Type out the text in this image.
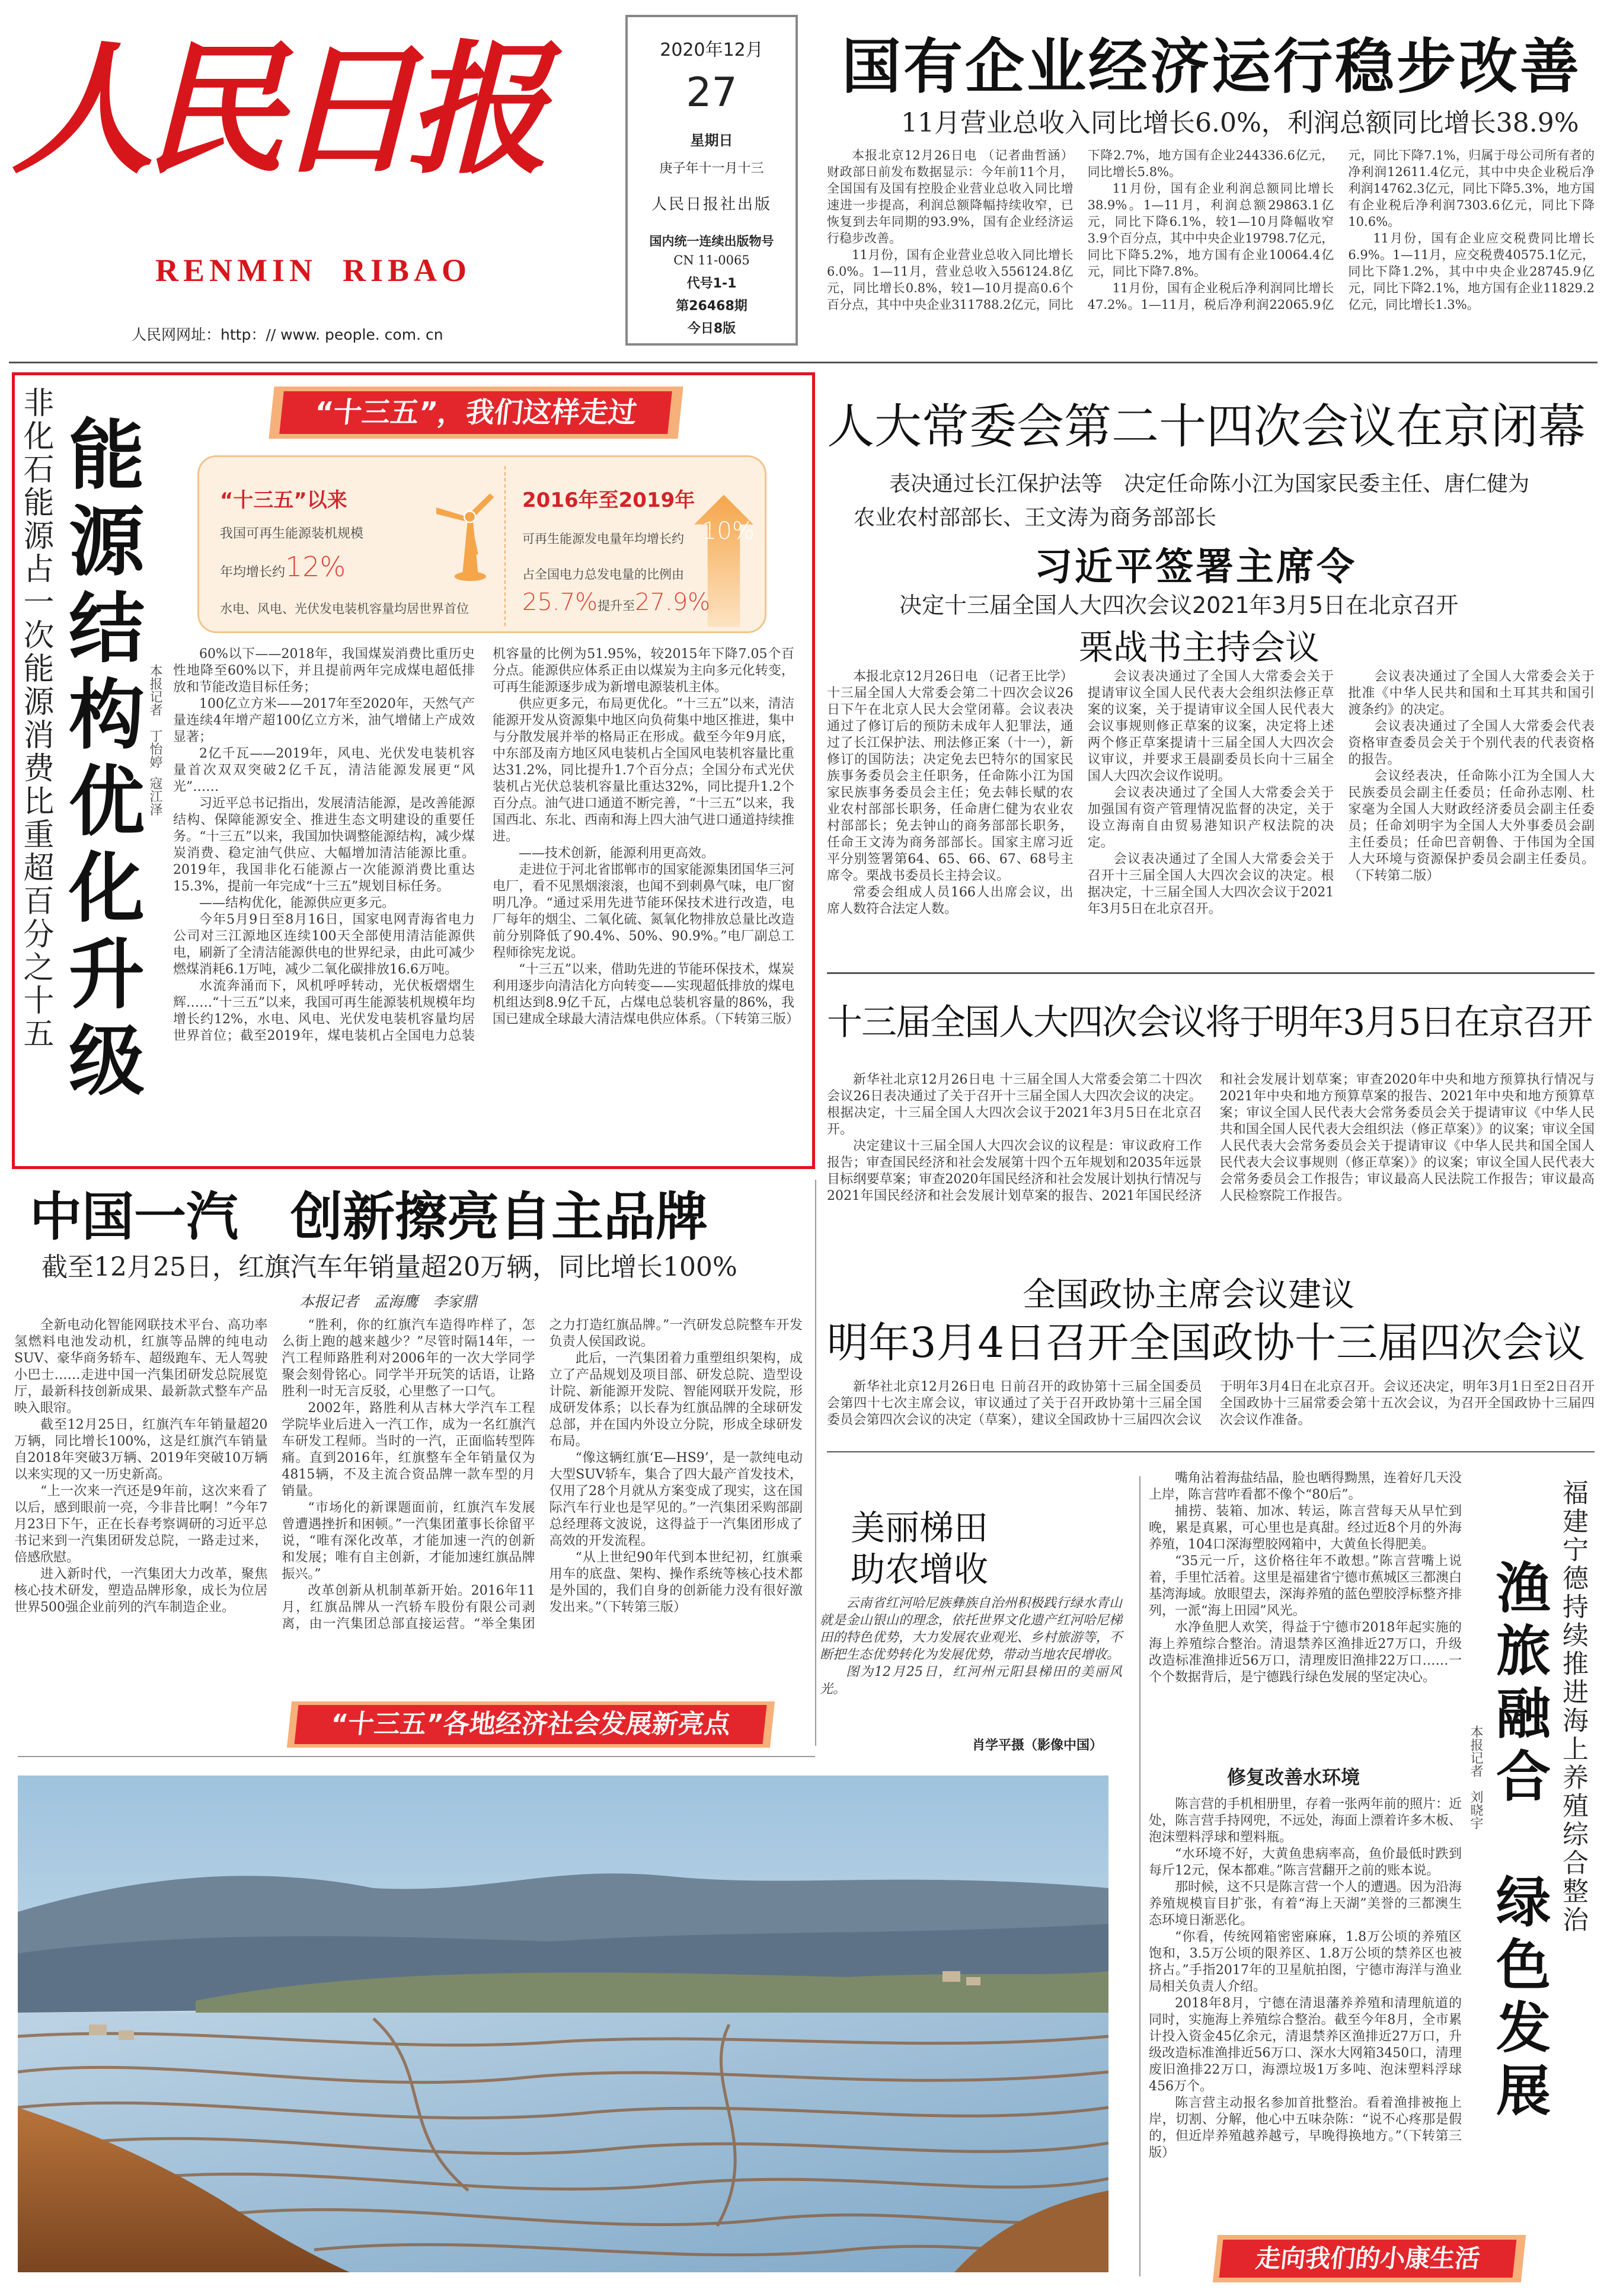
人民日报
RENMIN  RIBAO
人民网网址：http：// www. people. com. cn
2020年12月
27
星期日
庚子年十一月十三
人民日报社出版
国内统一连续出版物号
CN 11-0065
代号1-1
第26468期
今日8版
国有企业经济运行稳步改善
11月营业总收入同比增长6.0%，利润总额同比增长38.9%

本报北京12月26日电 （记者曲哲涵）财政部日前发布数据显示：今年前11个月，全国国有及国有控股企业营业总收入同比增速进一步提高，利润总额降幅持续收窄，已恢复到去年同期的93.9%，国有企业经济运行稳步改善。

11月份，国有企业营业总收入同比增长6.0%。1—11月，营业总收入556124.8亿元，同比增长0.8%，较1—10月提高0.6个百分点，其中中央企业311788.2亿元，同比下降2.7%，地方国有企业244336.6亿元，同比增长5.8%。

11月份，国有企业利润总额同比增长38.9%。1—11月，利润总额29863.1亿元，同比下降6.1%，较1—10月降幅收窄3.9个百分点，其中中央企业19798.7亿元，同比下降5.2%，地方国有企业10064.4亿元，同比下降7.8%。

11月份，国有企业税后净利润同比增长47.2%。1—11月，税后净利润22065.9亿元，同比下降7.1%，归属于母公司所有者的净利润12611.4亿元，其中中央企业税后净利润14762.3亿元，同比下降5.3%，地方国有企业税后净利润7303.6亿元，同比下降10.6%。

11月份，国有企业应交税费同比增长6.9%。1—11月，应交税费40575.1亿元，同比下降1.2%，其中中央企业28745.9亿元，同比下降2.1%，地方国有企业11829.2亿元，同比增长1.3%。

非化石能源占一次能源消费比重超百分之十五 能源结构优化升级 本报记者
丁怡婷  寇江泽
“十三五”，我们这样走过
“十三五”以来
我国可再生能源装机规模
年均增长约12%
水电、风电、光伏发电装机容量均居世界首位
2016年至2019年
可再生能源发电量年均增长约 10%
占全国电力总发电量的比例由
25.7%提升至27.9%

60%以下——2018年，我国煤炭消费比重历史性地降至60%以下，并且提前两年完成煤电超低排放和节能改造目标任务；

100亿立方米——2017年至2020年，天然气产量连续4年增产超100亿立方米，油气增储上产成效显著；

2亿千瓦——2019年，风电、光伏发电装机容量首次双双突破2亿千瓦，清洁能源发展更“风光”……

习近平总书记指出，发展清洁能源，是改善能源结构、保障能源安全、推进生态文明建设的重要任务。“十三五”以来，我国加快调整能源结构，减少煤炭消费、稳定油气供应、大幅增加清洁能源比重。2019年，我国非化石能源占一次能源消费比重达15.3%，提前一年完成“十三五”规划目标任务。

——结构优化，能源供应更多元。

今年5月9日至8月16日，国家电网青海省电力公司对三江源地区连续100天全部使用清洁能源供电，刷新了全清洁能源供电的世界纪录，由此可减少燃煤消耗6.1万吨，减少二氧化碳排放16.6万吨。

水流奔涌而下，风机呼呼转动，光伏板熠熠生辉……“十三五”以来，我国可再生能源装机规模年均增长约12%，水电、风电、光伏发电装机容量均居世界首位；截至2019年，煤电装机占全国电力总装机容量的比例为51.95%，较2015年下降7.05个百分点。能源供应体系正由以煤炭为主向多元化转变，可再生能源逐步成为新增电源装机主体。

供应更多元，布局更优化。“十三五”以来，清洁能源开发从资源集中地区向负荷集中地区推进，集中与分散发展并举的格局正在形成。截至今年9月底，中东部及南方地区风电装机占全国风电装机容量比重达31.2%，同比提升1.7个百分点；全国分布式光伏装机占光伏总装机容量比重达32%，同比提升1.2个百分点。油气进口通道不断完善，“十三五”以来，我国西北、东北、西南和海上四大油气进口通道持续推进。

——技术创新，能源利用更高效。

走进位于河北省邯郸市的国家能源集团国华三河电厂，看不见黑烟滚滚，也闻不到刺鼻气味，电厂窗明几净。“通过采用先进节能环保技术进行改造，电厂每年的烟尘、二氧化硫、氮氧化物排放总量比改造前分别降低了90.4%、50%、90.9%。”电厂副总工程师徐宪龙说。

“十三五”以来，借助先进的节能环保技术，煤炭利用逐步向清洁化方向转变——实现超低排放的煤电机组达到8.9亿千瓦，占煤电总装机容量的86%，我国已建成全球最大清洁煤电供应体系。（下转第三版）

人大常委会第二十四次会议在京闭幕
表决通过长江保护法等　决定任命陈小江为国家民委主任、唐仁健为
农业农村部部长、王文涛为商务部部长
习近平签署主席令
决定十三届全国人大四次会议2021年3月5日在北京召开
栗战书主持会议

本报北京12月26日电 （记者王比学）十三届全国人大常委会第二十四次会议26日下午在北京人民大会堂闭幕。会议表决通过了修订后的预防未成年人犯罪法，通过了长江保护法、刑法修正案（十一），新修订的国防法；决定免去巴特尔的国家民族事务委员会主任职务，任命陈小江为国家民族事务委员会主任；免去韩长赋的农业农村部部长职务，任命唐仁健为农业农村部部长；免去钟山的商务部部长职务，任命王文涛为商务部部长。国家主席习近平分别签署第64、65、66、67、68号主席令。栗战书委员长主持会议。

常委会组成人员166人出席会议，出席人数符合法定人数。

会议表决通过了全国人大常委会关于提请审议全国人民代表大会组织法修正草案的议案，关于提请审议全国人民代表大会议事规则修正草案的议案，决定将上述两个修正草案提请十三届全国人大四次会议审议，并要求王晨副委员长向十三届全国人大四次会议作说明。

会议表决通过了全国人大常委会关于加强国有资产管理情况监督的决定，关于设立海南自由贸易港知识产权法院的决定。

会议表决通过了全国人大常委会关于召开十三届全国人大四次会议的决定。根据决定，十三届全国人大四次会议于2021年3月5日在北京召开。

会议表决通过了全国人大常委会关于批准《中华人民共和国和土耳其共和国引渡条约》的决定。

会议表决通过了全国人大常委会代表资格审查委员会关于个别代表的代表资格的报告。

会议经表决，任命陈小江为全国人大民族委员会副主任委员；任命孙志刚、杜家毫为全国人大财政经济委员会副主任委员；任命刘明宇为全国人大外事委员会副主任委员；任命巴音朝鲁、于伟国为全国人大环境与资源保护委员会副主任委员。（下转第二版）

十三届全国人大四次会议将于明年3月5日在京召开

新华社北京12月26日电 十三届全国人大常委会第二十四次会议26日表决通过了关于召开十三届全国人大四次会议的决定。根据决定，十三届全国人大四次会议于2021年3月5日在北京召开。

决定建议十三届全国人大四次会议的议程是：审议政府工作报告；审查国民经济和社会发展第十四个五年规划和2035年远景目标纲要草案；审查2020年国民经济和社会发展计划执行情况与2021年国民经济和社会发展计划草案的报告、2021年国民经济和社会发展计划草案；审查2020年中央和地方预算执行情况与2021年中央和地方预算草案的报告、2021年中央和地方预算草案；审议全国人民代表大会常务委员会关于提请审议《中华人民共和国全国人民代表大会组织法（修正草案）》的议案；审议全国人民代表大会常务委员会关于提请审议《中华人民共和国全国人民代表大会议事规则（修正草案）》的议案；审议全国人民代表大会常务委员会工作报告；审议最高人民法院工作报告；审议最高人民检察院工作报告。

中国一汽　创新擦亮自主品牌
截至12月25日，红旗汽车年销量超20万辆，同比增长100%
本报记者　孟海鹰　李家鼎

全新电动化智能网联技术平台、高功率氢燃料电池发动机，红旗等品牌的纯电动SUV、豪华商务轿车、超级跑车、无人驾驶小巴士……走进中国一汽集团研发总院展览厅，最新科技创新成果、最新款式整车产品映入眼帘。

截至12月25日，红旗汽车年销量超20万辆，同比增长100%，这是红旗汽车销量自2018年突破3万辆、2019年突破10万辆以来实现的又一历史新高。

“上一次来一汽还是9年前，这次来看了以后，感到眼前一亮，今非昔比啊！”今年7月23日下午，正在长春考察调研的习近平总书记来到一汽集团研发总院，一路走过来，倍感欣慰。

进入新时代，一汽集团大力改革，聚焦核心技术研发，塑造品牌形象，成长为位居世界500强企业前列的汽车制造企业。

“胜利，你的红旗汽车造得咋样了，怎么街上跑的越来越少？”尽管时隔14年，一汽工程师路胜利对2006年的一次大学同学聚会刻骨铭心。同学半开玩笑的话语，让路胜利一时无言反驳，心里憋了一口气。

2002年，路胜利从吉林大学汽车工程学院毕业后进入一汽工作，成为一名红旗汽车研发工程师。当时的一汽，正面临转型阵痛。直到2016年，红旗整车全年销量仅为4815辆，不及主流合资品牌一款车型的月销量。

“市场化的新课题面前，红旗汽车发展曾遭遇挫折和困顿。”一汽集团董事长徐留平说，“唯有深化改革，才能加速一汽的创新和发展；唯有自主创新，才能加速红旗品牌振兴。”

改革创新从机制革新开始。2016年11月，红旗品牌从一汽轿车股份有限公司剥离，由一汽集团总部直接运营。“举全集团之力打造红旗品牌。”一汽研发总院整车开发负责人侯国政说。

此后，一汽集团着力重塑组织架构，成立了产品规划及项目部、研发总院、造型设计院、新能源开发院、智能网联开发院，形成研发体系；以长春为红旗品牌的全球研发总部，并在国内外设立分院，形成全球研发布局。

“像这辆红旗‘E—HS9’，是一款纯电动大型SUV轿车，集合了四大最产首发技术，仅用了28个月就从方案变成了现实，这在国际汽车行业也是罕见的。”一汽集团采购部副总经理蒋文波说，这得益于一汽集团形成了高效的开发流程。

“从上世纪90年代到本世纪初，红旗乘用车的底盘、架构、操作系统等核心技术都是外国的，我们自身的创新能力没有很好激发出来。”（下转第三版）

“十三五”各地经济社会发展新亮点
全国政协主席会议建议
明年3月4日召开全国政协十三届四次会议

新华社北京12月26日电 日前召开的政协第十三届全国委员会第四十七次主席会议，审议通过了关于召开政协第十三届全国委员会第四次会议的决定（草案），建议全国政协十三届四次会议于明年3月4日在北京召开。会议还决定，明年3月1日至2日召开全国政协十三届常委会第十五次会议，为召开全国政协十三届四次会议作准备。

美丽梯田
助农增收

云南省红河哈尼族彝族自治州积极践行绿水青山就是金山银山的理念，依托世界文化遗产红河哈尼梯田的特色优势，大力发展农业观光、乡村旅游等，不断把生态优势转化为发展优势，带动当地农民增收。

图为12月25日，红河州元阳县梯田的美丽风光。

肖学平摄（影像中国）

嘴角沾着海盐结晶，脸也晒得黝黑，连着好几天没上岸，陈言营咋看都不像个“80后”。

捕捞、装箱、加冰、转运，陈言营每天从早忙到晚，累是真累，可心里也是真甜。经过近8个月的外海养殖，104口深海塑胶网箱中，大黄鱼长得肥美。

“35元一斤，这价格往年不敢想。”陈言营嘴上说着，手里忙活着。这里是福建省宁德市蕉城区三都澳白基湾海域。放眼望去，深海养殖的蓝色塑胶浮标整齐排列，一派“海上田园”风光。

水净鱼肥人欢笑，得益于宁德市2018年起实施的海上养殖综合整治。清退禁养区渔排近27万口，升级改造标准渔排近56万口，清理废旧渔排22万口……一个个数据背后，是宁德践行绿色发展的坚定决心。

修复改善水环境

陈言营的手机相册里，存着一张两年前的照片：近处，陈言营手持网兜，不远处，海面上漂着许多木板、泡沫塑料浮球和塑料瓶。

“水环境不好，大黄鱼患病率高，鱼价最低时跌到每斤12元，保本都难。”陈言营翻开之前的账本说。

那时候，这不只是陈言营一个人的遭遇。因为沿海养殖规模盲目扩张，有着“海上天湖”美誉的三都澳生态环境日渐恶化。

“你看，传统网箱密密麻麻，1.8万公顷的养殖区饱和，3.5万公顷的限养区、1.8万公顷的禁养区也被挤占。”手指2017年的卫星航拍图，宁德市海洋与渔业局相关负责人介绍。

2018年8月，宁德在清退藩养养殖和清理航道的同时，实施海上养殖综合整治。截至今年8月，全市累计投入资金45亿余元，清退禁养区渔排近27万口，升级改造标准渔排近56万口、深水大网箱3450口，清理废旧渔排22万口，海漂垃圾1万多吨、泡沫塑料浮球456万个。

陈言营主动报名参加首批整治。看着渔排被拖上岸，切割、分解，他心中五味杂陈：“说不心疼那是假的，但近岸养殖越养越亏，早晚得换地方。”（下转第三版）

本报记者　刘晓宇 渔旅融合　绿色发展 福建宁德持续推进海上养殖综合整治
走向我们的小康生活
